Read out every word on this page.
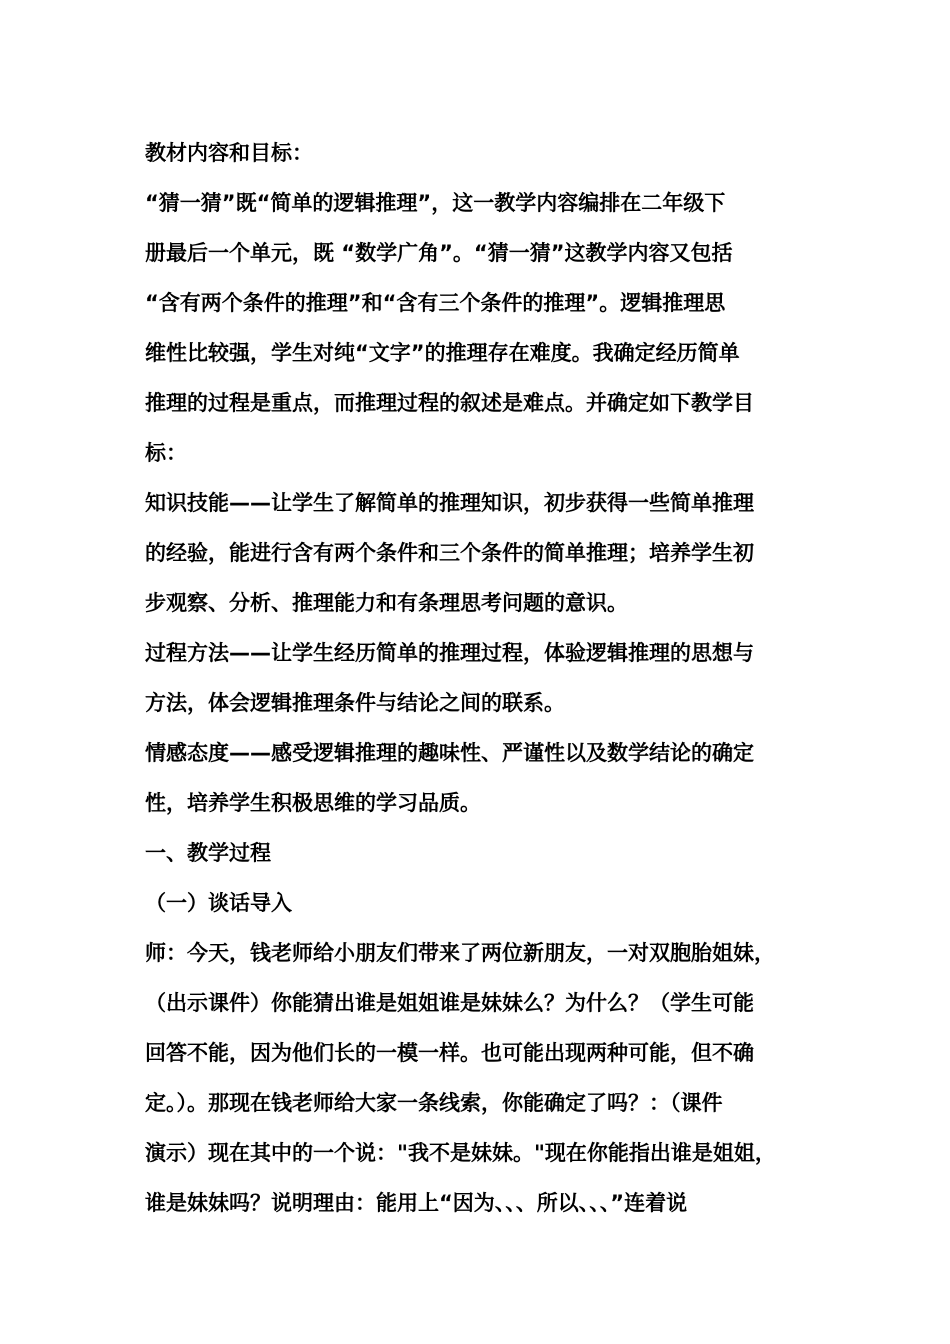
教材内容和目标：
“猜一猜”既“简单的逻辑推理”，这一教学内容编排在二年级下
册最后一个单元，既 “数学广角”。“猜一猜”这教学内容又包括
“含有两个条件的推理”和“含有三个条件的推理”。逻辑推理思
维性比较强，学生对纯“文字”的推理存在难度。我确定经历简单
推理的过程是重点，而推理过程的叙述是难点。并确定如下教学目
标：
知识技能——让学生了解简单的推理知识，初步获得一些简单推理
的经验，能进行含有两个条件和三个条件的简单推理；培养学生初
步观察、分析、推理能力和有条理思考问题的意识。
过程方法——让学生经历简单的推理过程，体验逻辑推理的思想与
方法，体会逻辑推理条件与结论之间的联系。
情感态度——感受逻辑推理的趣味性、严谨性以及数学结论的确定
性，培养学生积极思维的学习品质。
一、教学过程
（一）谈话导入
师：今天，钱老师给小朋友们带来了两位新朋友，一对双胞胎姐妹，
（出示课件）你能猜出谁是姐姐谁是妹妹么？为什么？（学生可能
回答不能，因为他们长的一模一样。也可能出现两种可能，但不确
定。）。那现在钱老师给大家一条线索，你能确定了吗？：（课件
演示）现在其中的一个说："我不是妹妹。"现在你能指出谁是姐姐，
谁是妹妹吗？说明理由：能用上“因为、、、所以、、、”连着说
